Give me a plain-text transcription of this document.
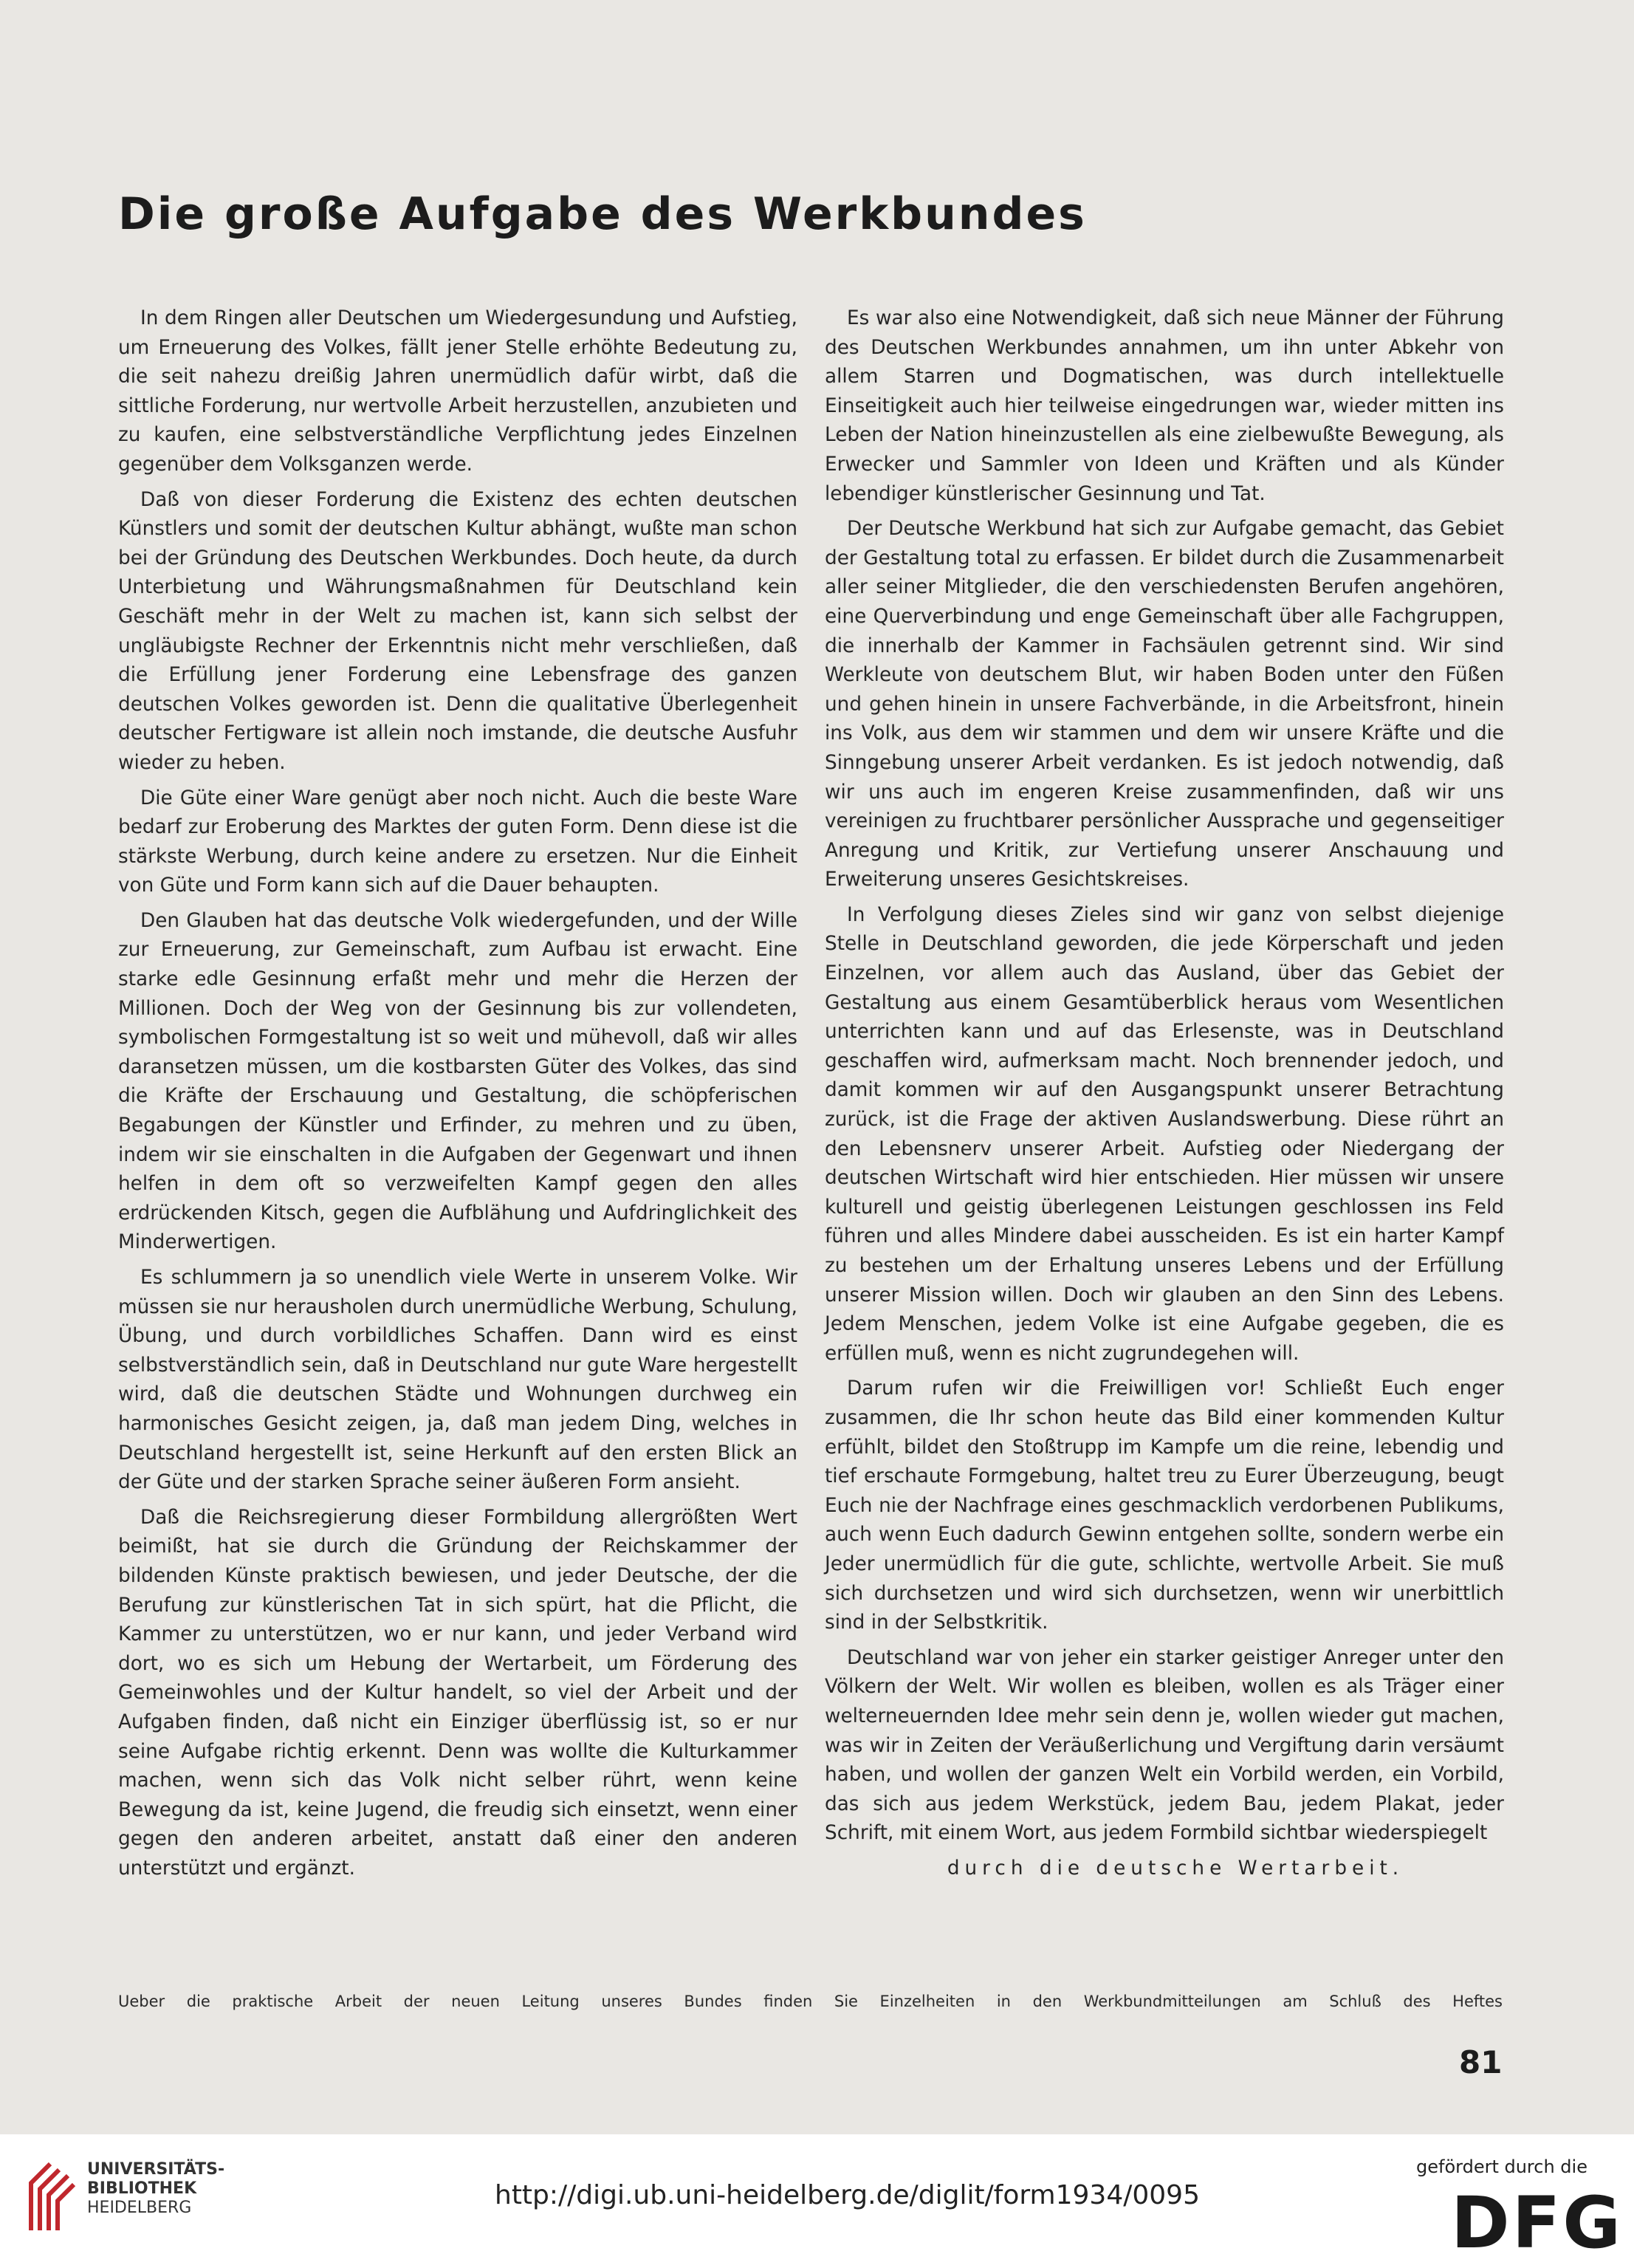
Die große Aufgabe des Werkbundes

In dem Ringen aller Deutschen um Wiedergesundung und Aufstieg, um Erneuerung des Volkes, fällt jener Stelle erhöhte Bedeutung zu, die seit nahezu dreißig Jahren unermüdlich dafür wirbt, daß die sittliche Forderung, nur wertvolle Arbeit herzustellen, anzubieten und zu kaufen, eine selbstverständliche Verpflichtung jedes Einzelnen gegenüber dem Volksganzen werde.

Daß von dieser Forderung die Existenz des echten deutschen Künstlers und somit der deutschen Kultur abhängt, wußte man schon bei der Gründung des Deutschen Werkbundes. Doch heute, da durch Unterbietung und Währungsmaßnahmen für Deutschland kein Geschäft mehr in der Welt zu machen ist, kann sich selbst der ungläubigste Rechner der Erkenntnis nicht mehr verschließen, daß die Erfüllung jener Forderung eine Lebensfrage des ganzen deutschen Volkes geworden ist. Denn die qualitative Überlegenheit deutscher Fertigware ist allein noch imstande, die deutsche Ausfuhr wieder zu heben.

Die Güte einer Ware genügt aber noch nicht. Auch die beste Ware bedarf zur Eroberung des Marktes der guten Form. Denn diese ist die stärkste Werbung, durch keine andere zu ersetzen. Nur die Einheit von Güte und Form kann sich auf die Dauer behaupten.

Den Glauben hat das deutsche Volk wiedergefunden, und der Wille zur Erneuerung, zur Gemeinschaft, zum Aufbau ist erwacht. Eine starke edle Gesinnung erfaßt mehr und mehr die Herzen der Millionen. Doch der Weg von der Gesinnung bis zur vollendeten, symbolischen Formgestaltung ist so weit und mühevoll, daß wir alles daransetzen müssen, um die kostbarsten Güter des Volkes, das sind die Kräfte der Erschauung und Gestaltung, die schöpferischen Begabungen der Künstler und Erfinder, zu mehren und zu üben, indem wir sie einschalten in die Aufgaben der Gegenwart und ihnen helfen in dem oft so verzweifelten Kampf gegen den alles erdrückenden Kitsch, gegen die Aufblähung und Aufdringlichkeit des Minderwertigen.

Es schlummern ja so unendlich viele Werte in unserem Volke. Wir müssen sie nur herausholen durch unermüdliche Werbung, Schulung, Übung, und durch vorbildliches Schaffen. Dann wird es einst selbstverständlich sein, daß in Deutschland nur gute Ware hergestellt wird, daß die deutschen Städte und Wohnungen durchweg ein harmonisches Gesicht zeigen, ja, daß man jedem Ding, welches in Deutschland hergestellt ist, seine Herkunft auf den ersten Blick an der Güte und der starken Sprache seiner äußeren Form ansieht.

Daß die Reichsregierung dieser Formbildung allergrößten Wert beimißt, hat sie durch die Gründung der Reichskammer der bildenden Künste praktisch bewiesen, und jeder Deutsche, der die Berufung zur künstlerischen Tat in sich spürt, hat die Pflicht, die Kammer zu unterstützen, wo er nur kann, und jeder Verband wird dort, wo es sich um Hebung der Wertarbeit, um Förderung des Gemeinwohles und der Kultur handelt, so viel der Arbeit und der Aufgaben finden, daß nicht ein Einziger überflüssig ist, so er nur seine Aufgabe richtig erkennt. Denn was wollte die Kulturkammer machen, wenn sich das Volk nicht selber rührt, wenn keine Bewegung da ist, keine Jugend, die freudig sich einsetzt, wenn einer gegen den anderen arbeitet, anstatt daß einer den anderen unterstützt und ergänzt.

Es war also eine Notwendigkeit, daß sich neue Männer der Führung des Deutschen Werkbundes annahmen, um ihn unter Abkehr von allem Starren und Dogmatischen, was durch intellektuelle Einseitigkeit auch hier teilweise eingedrungen war, wieder mitten ins Leben der Nation hineinzustellen als eine zielbewußte Bewegung, als Erwecker und Sammler von Ideen und Kräften und als Künder lebendiger künstlerischer Gesinnung und Tat.

Der Deutsche Werkbund hat sich zur Aufgabe gemacht, das Gebiet der Gestaltung total zu erfassen. Er bildet durch die Zusammenarbeit aller seiner Mitglieder, die den verschiedensten Berufen angehören, eine Querverbindung und enge Gemeinschaft über alle Fachgruppen, die innerhalb der Kammer in Fachsäulen getrennt sind. Wir sind Werkleute von deutschem Blut, wir haben Boden unter den Füßen und gehen hinein in unsere Fachverbände, in die Arbeitsfront, hinein ins Volk, aus dem wir stammen und dem wir unsere Kräfte und die Sinngebung unserer Arbeit verdanken. Es ist jedoch notwendig, daß wir uns auch im engeren Kreise zusammenfinden, daß wir uns vereinigen zu fruchtbarer persönlicher Aussprache und gegenseitiger Anregung und Kritik, zur Vertiefung unserer Anschauung und Erweiterung unseres Gesichtskreises.

In Verfolgung dieses Zieles sind wir ganz von selbst diejenige Stelle in Deutschland geworden, die jede Körperschaft und jeden Einzelnen, vor allem auch das Ausland, über das Gebiet der Gestaltung aus einem Gesamtüberblick heraus vom Wesentlichen unterrichten kann und auf das Erlesenste, was in Deutschland geschaffen wird, aufmerksam macht. Noch brennender jedoch, und damit kommen wir auf den Ausgangspunkt unserer Betrachtung zurück, ist die Frage der aktiven Auslandswerbung. Diese rührt an den Lebensnerv unserer Arbeit. Aufstieg oder Niedergang der deutschen Wirtschaft wird hier entschieden. Hier müssen wir unsere kulturell und geistig überlegenen Leistungen geschlossen ins Feld führen und alles Mindere dabei ausscheiden. Es ist ein harter Kampf zu bestehen um der Erhaltung unseres Lebens und der Erfüllung unserer Mission willen. Doch wir glauben an den Sinn des Lebens. Jedem Menschen, jedem Volke ist eine Aufgabe gegeben, die es erfüllen muß, wenn es nicht zugrundegehen will.

Darum rufen wir die Freiwilligen vor! Schließt Euch enger zusammen, die Ihr schon heute das Bild einer kommenden Kultur erfühlt, bildet den Stoßtrupp im Kampfe um die reine, lebendig und tief erschaute Formgebung, haltet treu zu Eurer Überzeugung, beugt Euch nie der Nachfrage eines geschmacklich verdorbenen Publikums, auch wenn Euch dadurch Gewinn entgehen sollte, sondern werbe ein Jeder unermüdlich für die gute, schlichte, wertvolle Arbeit. Sie muß sich durchsetzen und wird sich durchsetzen, wenn wir unerbittlich sind in der Selbstkritik.

Deutschland war von jeher ein starker geistiger Anreger unter den Völkern der Welt. Wir wollen es bleiben, wollen es als Träger einer welterneuernden Idee mehr sein denn je, wollen wieder gut machen, was wir in Zeiten der Veräußerlichung und Vergiftung darin versäumt haben, und wollen der ganzen Welt ein Vorbild werden, ein Vorbild, das sich aus jedem Werkstück, jedem Bau, jedem Plakat, jeder Schrift, mit einem Wort, aus jedem Formbild sichtbar wiederspiegelt

durch die deutsche Wertarbeit.

Ueber die praktische Arbeit der neuen Leitung unseres Bundes finden Sie Einzelheiten in den Werkbundmitteilungen am Schluß des Heftes
81
UNIVERSITÄTS-
BIBLIOTHEK
HEIDELBERG	http://digi.ub.uni-heidelberg.de/diglit/form1934/0095
gefördert durch die
DFG
